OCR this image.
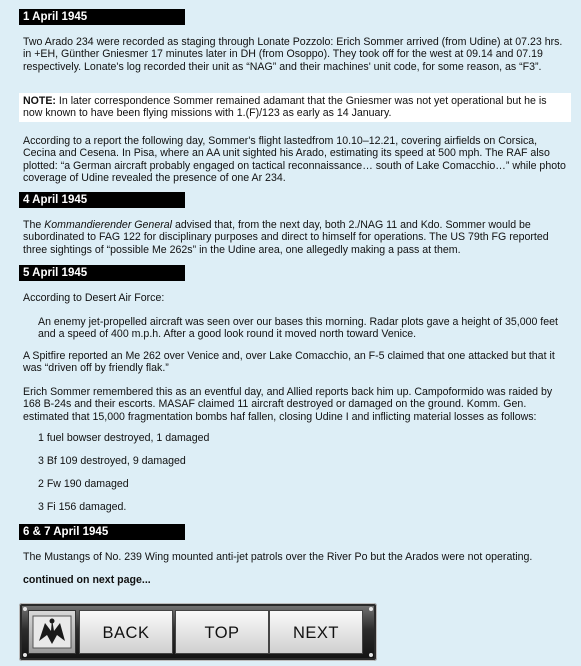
1 April 1945
Two Arado 234 were recorded as staging through Lonate Pozzolo: Erich Sommer arrived (from Udine) at 07.23 hrs. in +EH, Günther Gniesmer 17 minutes later in DH (from Osoppo). They took off for the west at 09.14 and 07.19 respectively. Lonate's log recorded their unit as “NAG” and their machines' unit code, for some reason, as “F3”.
NOTE: In later correspondence Sommer remained adamant that the Gniesmer was not yet operational but he is now known to have been flying missions with 1.(F)/123 as early as 14 January.
According to a report the following day, Sommer's flight lastedfrom 10.10–12.21, covering airfields on Corsica, Cecina and Cesena. In Pisa, where an AA unit sighted his Arado, estimating its speed at 500 mph. The RAF also plotted: “a German aircraft probably engaged on tactical reconnaissance… south of Lake Comacchio…” while photo coverage of Udine revealed the presence of one Ar 234.
4 April 1945
The Kommandierender General advised that, from the next day, both 2./NAG 11 and Kdo. Sommer would be subordinated to FAG 122 for disciplinary purposes and direct to himself for operations. The US 79th FG reported three sightings of “possible Me 262s” in the Udine area, one allegedly making a pass at them.
5 April 1945
According to Desert Air Force:
An enemy jet-propelled aircraft was seen over our bases this morning. Radar plots gave a height of 35,000 feet and a speed of 400 m.p.h. After a good look round it moved north toward Venice.
A Spitfire reported an Me 262 over Venice and, over Lake Comacchio, an F-5 claimed that one attacked but that it was “driven off by friendly flak.”
Erich Sommer remembered this as an eventful day, and Allied reports back him up. Campoformido was raided by 168 B-24s and their escorts. MASAF claimed 11 aircraft destroyed or damaged on the ground. Komm. Gen. estimated that 15,000 fragmentation bombs haf fallen, closing Udine I and inflicting material losses as follows:
1 fuel bowser destroyed, 1 damaged
3 Bf 109 destroyed, 9 damaged
2 Fw 190 damaged
3 Fi 156 damaged.
6 & 7 April 1945
The Mustangs of No. 239 Wing mounted anti-jet patrols over the River Po but the Arados were not operating.
continued on next page...
BACK	TOP	NEXT
